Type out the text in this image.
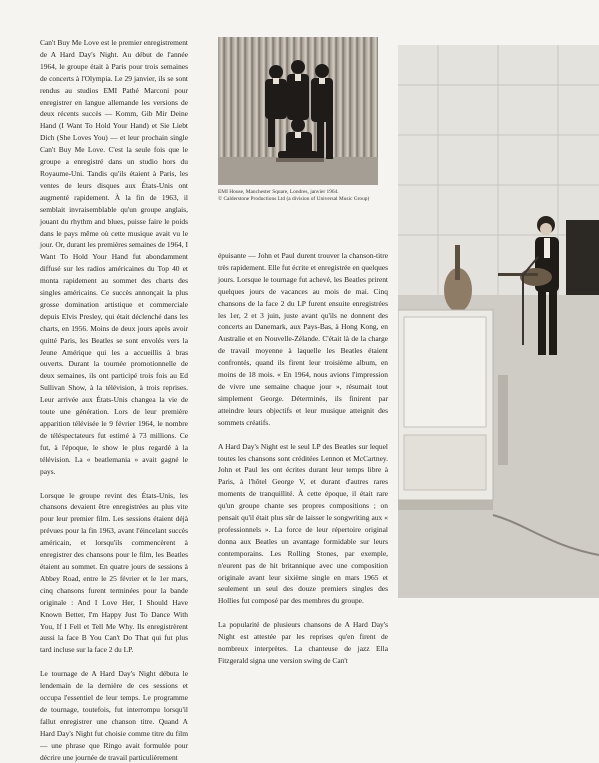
Can't Buy Me Love est le premier enregistrement de A Hard Day's Night. Au début de l'année 1964, le groupe était à Paris pour trois semaines de concerts à l'Olympia. Le 29 janvier, ils se sont rendus au studios EMI Pathé Marconi pour enregistrer en langue allemande les versions de deux récents succès — Komm, Gib Mir Deine Hand (I Want To Hold Your Hand) et Sie Liebt Dich (She Loves You) — et leur prochain single Can't Buy Me Love. C'est la seule fois que le groupe a enregistré dans un studio hors du Royaume-Uni. Tandis qu'ils étaient à Paris, les ventes de leurs disques aux États-Unis ont augmenté rapidement. À la fin de 1963, il semblait invraisemblable qu'un groupe anglais, jouant du rhythm and blues, puisse faire le poids dans le pays même où cette musique avait vu le jour. Or, durant les premières semaines de 1964, I Want To Hold Your Hand fut abondamment diffusé sur les radios américaines du Top 40 et monta rapidement au sommet des charts des singles américains. Ce succès annonçait la plus grosse domination artistique et commerciale depuis Elvis Presley, qui était déclenché dans les charts, en 1956. Moins de deux jours après avoir quitté Paris, les Beatles se sont envolés vers la Jeune Amérique qui les a accueillis à bras ouverts. Durant la tournée promotionnelle de deux semaines, ils ont participé trois fois au Ed Sullivan Show, à la télévision, à trois reprises. Leur arrivée aux États-Unis changea la vie de toute une génération. Lors de leur première apparition télévisée le 9 février 1964, le nombre de téléspectateurs fut estimé à 73 millions. Ce fut, à l'époque, le show le plus regardé à la télévision. La « beatlemania » avait gagné le pays.

Lorsque le groupe revint des États-Unis, les chansons devaient être enregistrées au plus vite pour leur premier film. Les sessions étaient déjà prévues pour la fin 1963, avant l'éincelant succès américain, et lorsqu'ils commencèrent à enregistrer des chansons pour le film, les Beatles étaient au sommet. En quatre jours de sessions à Abbey Road, entre le 25 février et le 1er mars, cinq chansons furent terminées pour la bande originale : And I Love Her, I Should Have Known Better, I'm Happy Just To Dance With You, If I Fell et Tell Me Why. Ils enregistrèrent aussi la face B You Can't Do That qui fut plus tard incluse sur la face 2 du LP.

Le tournage de A Hard Day's Night débuta le lendemain de la dernière de ces sessions et occupa l'essentiel de leur temps. Le programme de tournage, toutefois, fut interrompu lorsqu'il fallut enregistrer une chanson titre. Quand A Hard Day's Night fut choisie comme titre du film — une phrase que Ringo avait formulée pour décrire une journée de travail particulièrement

EMI House, Manchester Square, Londres, janvier 1964.
© Calderstone Productions Ltd (a division of Universal Music Group)

épuisante — John et Paul durent trouver la chanson-titre très rapidement. Elle fut écrite et enregistrée en quelques jours. Lorsque le tournage fut achevé, les Beatles prirent quelques jours de vacances au mois de mai. Cinq chansons de la face 2 du LP furent ensuite enregistrées les 1er, 2 et 3 juin, juste avant qu'ils ne donnent des concerts au Danemark, aux Pays-Bas, à Hong Kong, en Australie et en Nouvelle-Zélande. C'était là de la charge de travail moyenne à laquelle les Beatles étaient confrontés, quand ils firent leur troisième album, en moins de 18 mois. « En 1964, nous avions l'impression de vivre une semaine chaque jour », résumait tout simplement George. Déterminés, ils finirent par atteindre leurs objectifs et leur musique atteignit des sommets créatifs.

A Hard Day's Night est le seul LP des Beatles sur lequel toutes les chansons sont créditées Lennon et McCartney. John et Paul les ont écrites durant leur temps libre à Paris, à l'hôtel George V, et durant d'autres rares moments de tranquillité. À cette époque, il était rare qu'un groupe chante ses propres compositions ; on pensait qu'il était plus sûr de laisser le songwriting aux « professionnels ». La force de leur répertoire original donna aux Beatles un avantage formidable sur leurs contemporains. Les Rolling Stones, par exemple, n'eurent pas de hit britannique avec une composition originale avant leur sixième single en mars 1965 et seulement un seul des douze premiers singles des Hollies fut composé par des membres du groupe.

La popularité de plusieurs chansons de A Hard Day's Night est attestée par les reprises qu'en firent de nombreux interprètes. La chanteuse de jazz Ella Fitzgerald signa une version swing de Can't
